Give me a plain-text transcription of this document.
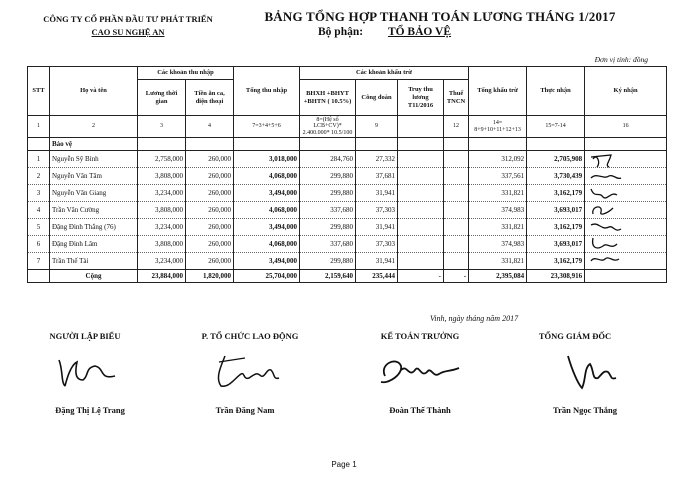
CÔNG TY CỔ PHẦN ĐẦU TƯ PHÁT TRIỂN
CAO SU NGHỆ AN
BẢNG TỔNG HỢP THANH TOÁN LƯƠNG THÁNG 1/2017
Bộ phận: TỔ BẢO VỆ
Đơn vị tính: đồng
STT	Họ và tên	Các khoản thu nhập		Tổng thu nhập	Các khoản khấu trừ				Tổng khấu trừ	Thực nhận	Ký nhận
		Lương thời gian	Tiền ăn ca, điện thoại		BHXH +BHYT +BHTN ( 10.5%)	Công đoàn	Truy thu lương T11/2016	Thuế TNCN			
1	2	3	4	7=3+4+5+6	8=(Hệ số LCB+CV)* 2.400.000* 10.5/100	9		12	14= 8+9+10+11+12+13	15=7-14	16
	Bảo vệ										
1	Nguyễn Sỹ Bình	2,758,000	260,000	3,018,000	284,760	27,332			312,092	2,705,908	

2	Nguyễn Văn Tâm	3,808,000	260,000	4,068,000	299,880	37,681			337,561	3,730,439	

3	Nguyễn Văn Giang	3,234,000	260,000	3,494,000	299,880	31,941			331,821	3,162,179	

4	Trần Văn Cường	3,808,000	260,000	4,068,000	337,680	37,303			374,983	3,693,017	

5	Đặng Đình Thắng (76)	3,234,000	260,000	3,494,000	299,880	31,941			331,821	3,162,179	

6	Đặng Đình Lâm	3,808,000	260,000	4,068,000	337,680	37,303			374,983	3,693,017	

7	Trần Thế Tài	3,234,000	260,000	3,494,000	299,880	31,941			331,821	3,162,179	

	Cộng	23,884,000	1,820,000	25,704,000	2,159,640	235,444	-	-	2,395,084	23,308,916	
Vinh, ngày tháng năm 2017
NGƯỜI LẬP BIỂU	P. TỔ CHỨC LAO ĐỘNG	KẾ TOÁN TRƯỞNG	TỔNG GIÁM ĐỐC
Đặng Thị Lệ Trang	Trần Đăng Nam	Đoàn Thế Thành	Trần Ngọc Thắng
Page 1
